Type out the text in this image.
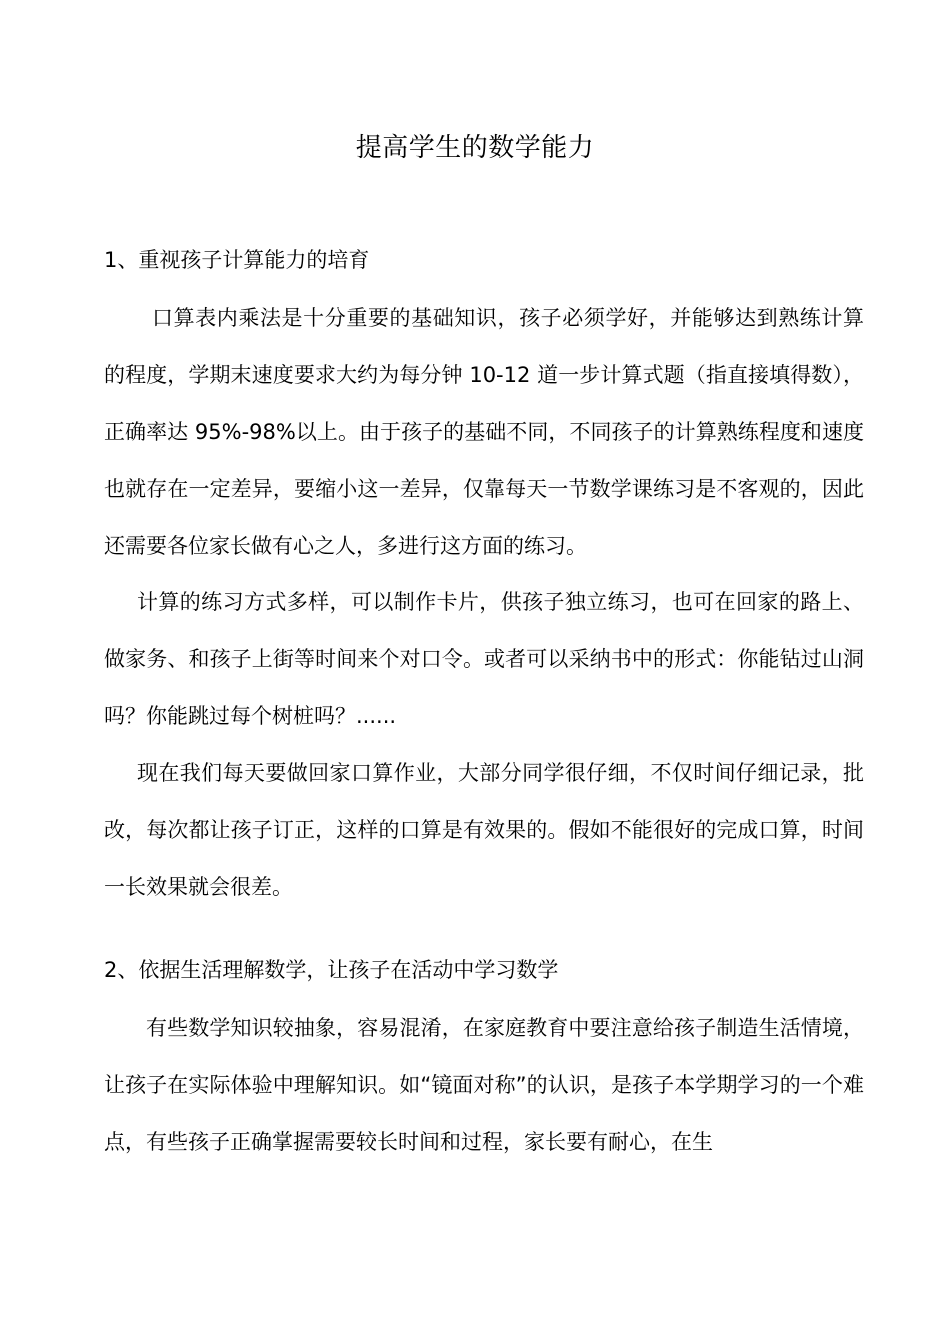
提高学生的数学能力
1、重视孩子计算能力的培育

口算表内乘法是十分重要的基础知识，孩子必须学好，并能够达到熟练计算的程度，学期末速度要求大约为每分钟 10-12 道一步计算式题（指直接填得数），正确率达 95%-98%以上。由于孩子的基础不同，不同孩子的计算熟练程度和速度也就存在一定差异，要缩小这一差异，仅靠每天一节数学课练习是不客观的，因此还需要各位家长做有心之人，多进行这方面的练习。

计算的练习方式多样，可以制作卡片，供孩子独立练习，也可在回家的路上、做家务、和孩子上街等时间来个对口令。或者可以采纳书中的形式：你能钻过山洞吗？你能跳过每个树桩吗？......

现在我们每天要做回家口算作业，大部分同学很仔细，不仅时间仔细记录，批改，每次都让孩子订正，这样的口算是有效果的。假如不能很好的完成口算，时间一长效果就会很差。

2、依据生活理解数学，让孩子在活动中学习数学

有些数学知识较抽象，容易混淆，在家庭教育中要注意给孩子制造生活情境，让孩子在实际体验中理解知识。如“镜面对称”的认识，是孩子本学期学习的一个难点，有些孩子正确掌握需要较长时间和过程，家长要有耐心，在生
